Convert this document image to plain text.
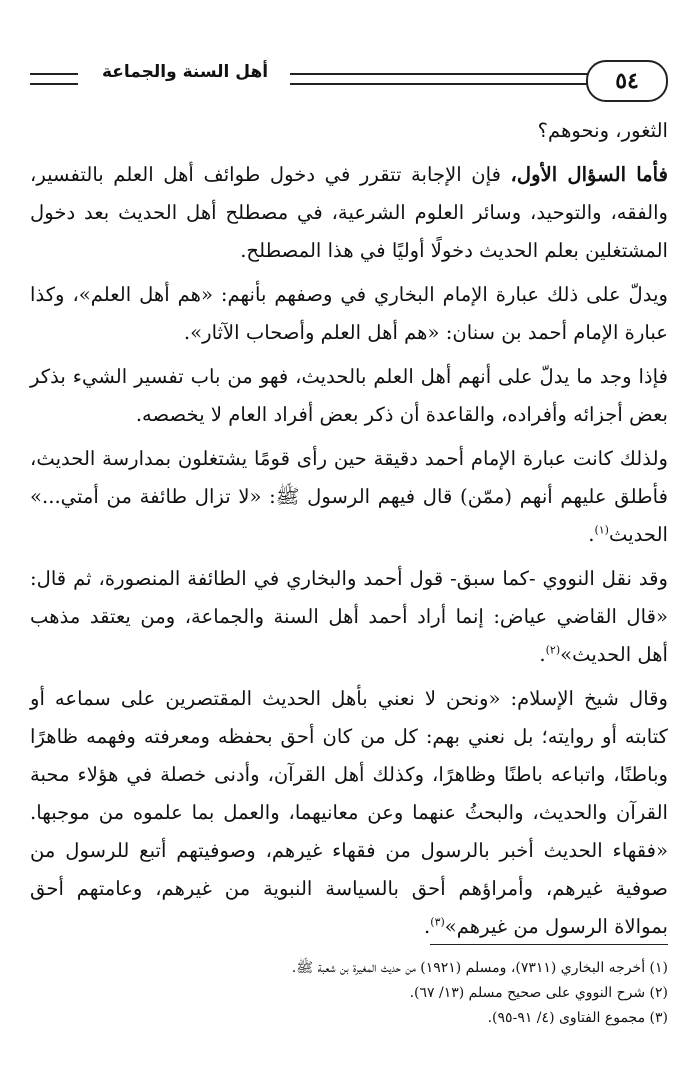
٥٤
أهل السنة والجماعة

الثغور، ونحوهم؟

فأما السؤال الأول، فإن الإجابة تتقرر في دخول طوائف أهل العلم بالتفسير، والفقه، والتوحيد، وسائر العلوم الشرعية، في مصطلح أهل الحديث بعد دخول المشتغلين بعلم الحديث دخولًا أوليًا في هذا المصطلح.

ويدلّ على ذلك عبارة الإمام البخاري في وصفهم بأنهم: «هم أهل العلم»، وكذا عبارة الإمام أحمد بن سنان: «هم أهل العلم وأصحاب الآثار».

فإذا وجد ما يدلّ على أنهم أهل العلم بالحديث، فهو من باب تفسير الشيء بذكر بعض أجزائه وأفراده، والقاعدة أن ذكر بعض أفراد العام لا يخصصه.

ولذلك كانت عبارة الإمام أحمد دقيقة حين رأى قومًا يشتغلون بمدارسة الحديث، فأطلق عليهم أنهم (ممّن) قال فيهم الرسول ﷺ: «لا تزال طائفة من أمتي...» الحديث$^{(١)}$.

وقد نقل النووي -كما سبق- قول أحمد والبخاري في الطائفة المنصورة، ثم قال: «قال القاضي عياض: إنما أراد أحمد أهل السنة والجماعة، ومن يعتقد مذهب أهل الحديث»$^{(٢)}$.

وقال شيخ الإسلام: «ونحن لا نعني بأهل الحديث المقتصرين على سماعه أو كتابته أو روايته؛ بل نعني بهم: كل من كان أحق بحفظه ومعرفته وفهمه ظاهرًا وباطنًا، واتباعه باطنًا وظاهرًا، وكذلك أهل القرآن، وأدنى خصلة في هؤلاء محبة القرآن والحديث، والبحثُ عنهما وعن معانيهما، والعمل بما علموه من موجبها. «فقهاء الحديث أخبر بالرسول من فقهاء غيرهم، وصوفيتهم أتبع للرسول من صوفية غيرهم، وأمراؤهم أحق بالسياسة النبوية من غيرهم، وعامتهم أحق بموالاة الرسول من غيرهم»$^{(٣)}$.

(١) أخرجه البخاري (٧٣١١)، ومسلم (١٩٢١) من حديث المغيرة بن شعبة ﷺ.

(٢) شرح النووي على صحيح مسلم (١٣/ ٦٧).

(٣) مجموع الفتاوى (٤/ ٩١-٩٥).
